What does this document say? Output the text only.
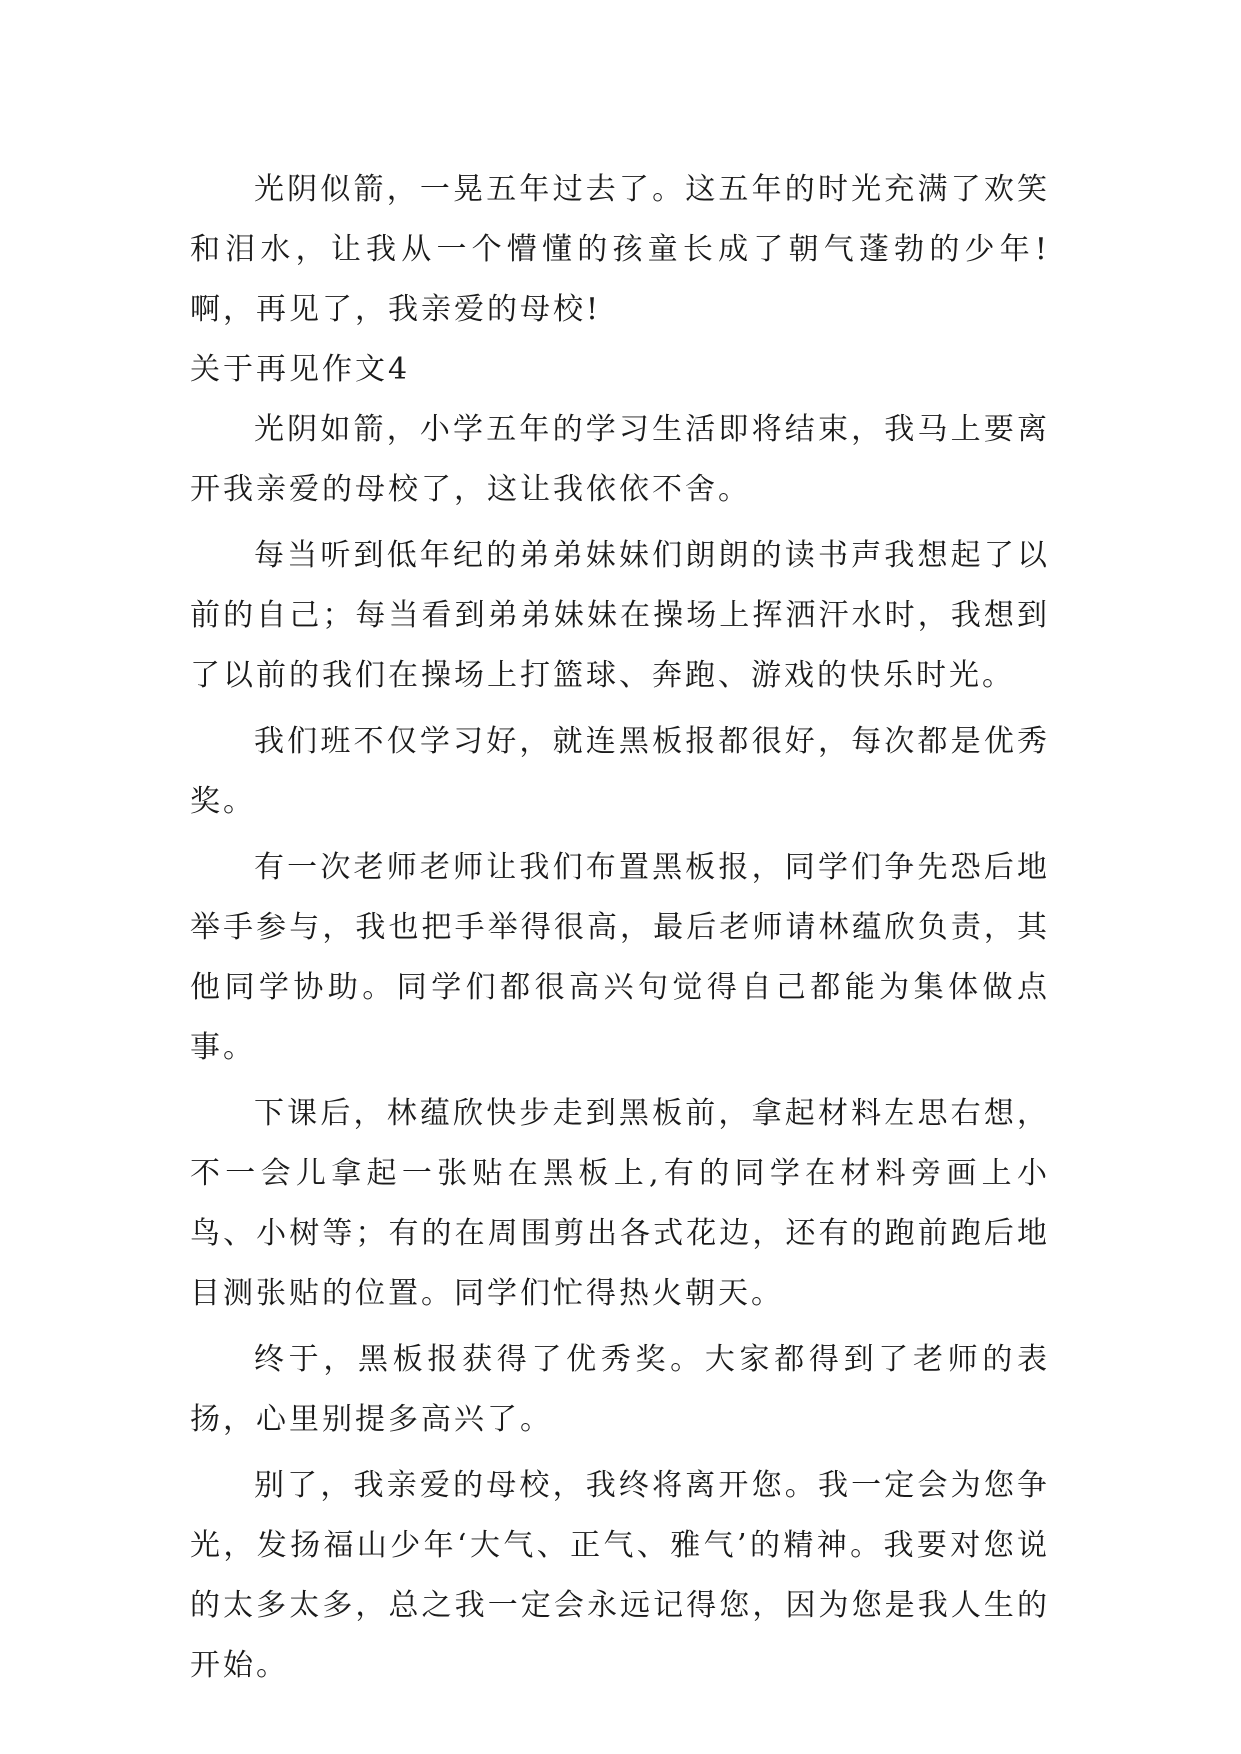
光阴似箭，一晃五年过去了。这五年的时光充满了欢笑和泪水，让我从一个懵懂的孩童长成了朝气蓬勃的少年!啊，再见了，我亲爱的母校!

关于再见作文4

光阴如箭，小学五年的学习生活即将结束，我马上要离开我亲爱的母校了，这让我依依不舍。

每当听到低年纪的弟弟妹妹们朗朗的读书声我想起了以前的自己；每当看到弟弟妹妹在操场上挥洒汗水时，我想到了以前的我们在操场上打篮球、奔跑、游戏的快乐时光。

我们班不仅学习好，就连黑板报都很好，每次都是优秀奖。

有一次老师老师让我们布置黑板报，同学们争先恐后地举手参与，我也把手举得很高，最后老师请林蕴欣负责，其他同学协助。同学们都很高兴句觉得自己都能为集体做点事。

下课后，林蕴欣快步走到黑板前，拿起材料左思右想，不一会儿拿起一张贴在黑板上,有的同学在材料旁画上小鸟、小树等；有的在周围剪出各式花边，还有的跑前跑后地目测张贴的位置。同学们忙得热火朝天。

终于，黑板报获得了优秀奖。大家都得到了老师的表扬，心里别提多高兴了。

别了，我亲爱的母校，我终将离开您。我一定会为您争光，发扬福山少年‘大气、正气、雅气’的精神。我要对您说的太多太多，总之我一定会永远记得您，因为您是我人生的开始。
